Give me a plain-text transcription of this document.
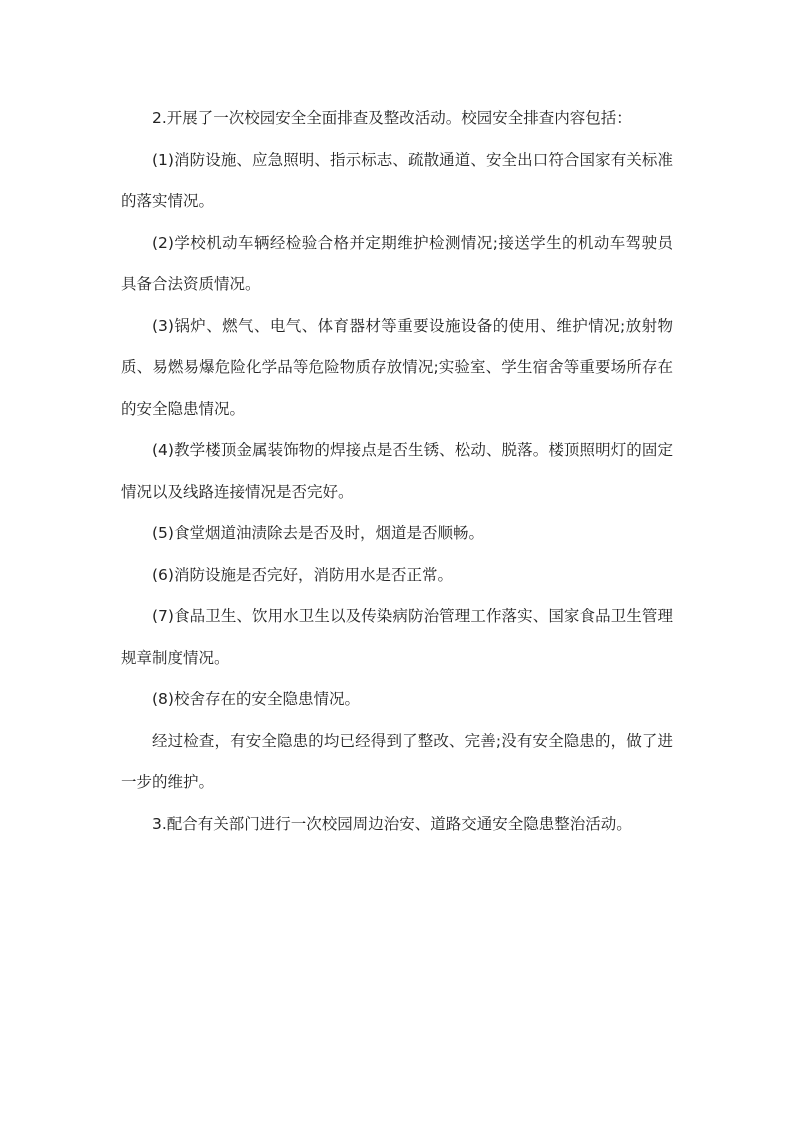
2.开展了一次校园安全全面排查及整改活动。校园安全排查内容包括：

(1)消防设施、应急照明、指示标志、疏散通道、安全出口符合国家有关标准的落实情况。

(2)学校机动车辆经检验合格并定期维护检测情况;接送学生的机动车驾驶员具备合法资质情况。

(3)锅炉、燃气、电气、体育器材等重要设施设备的使用、维护情况;放射物质、易燃易爆危险化学品等危险物质存放情况;实验室、学生宿舍等重要场所存在的安全隐患情况。

(4)教学楼顶金属装饰物的焊接点是否生锈、松动、脱落。楼顶照明灯的固定情况以及线路连接情况是否完好。

(5)食堂烟道油渍除去是否及时，烟道是否顺畅。

(6)消防设施是否完好，消防用水是否正常。

(7)食品卫生、饮用水卫生以及传染病防治管理工作落实、国家食品卫生管理规章制度情况。

(8)校舍存在的安全隐患情况。

经过检查，有安全隐患的均已经得到了整改、完善;没有安全隐患的，做了进一步的维护。

3.配合有关部门进行一次校园周边治安、道路交通安全隐患整治活动。
